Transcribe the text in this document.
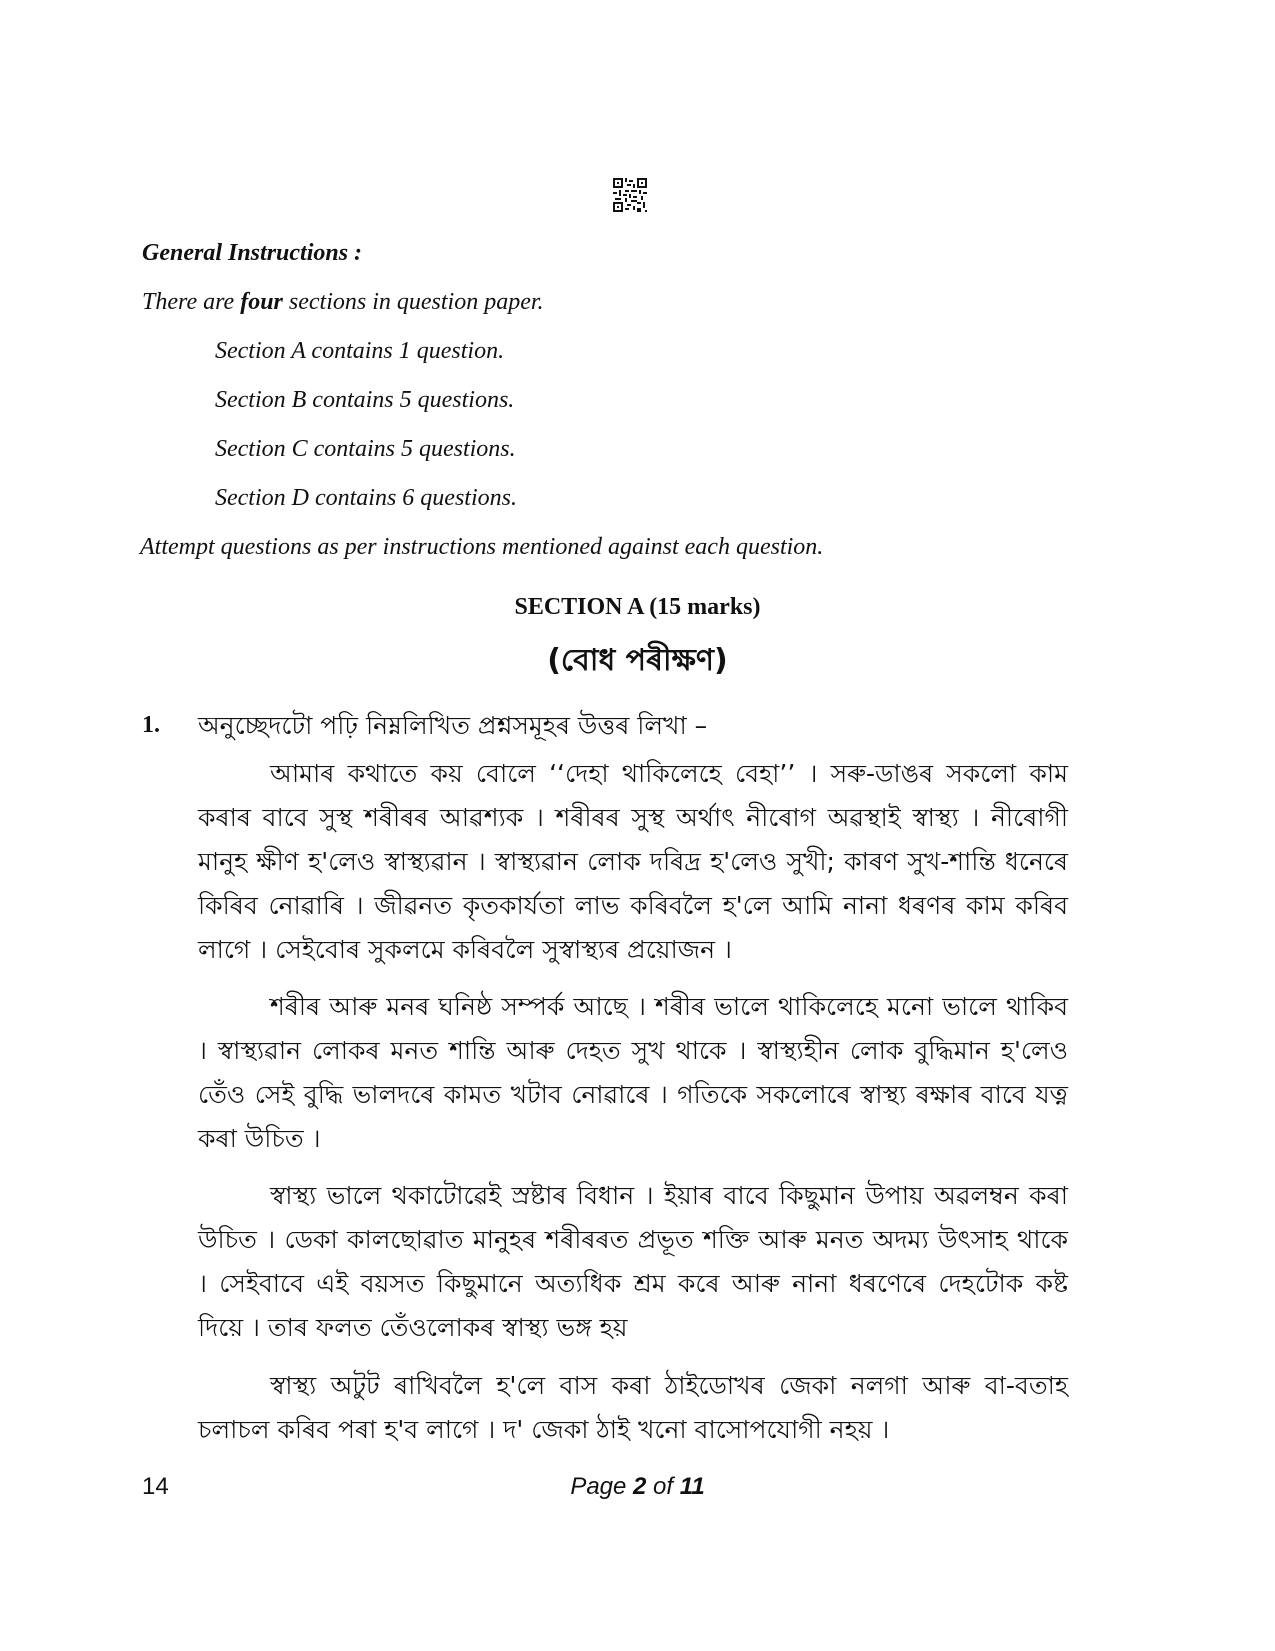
General Instructions :
There are four sections in question paper.
Section A contains 1 question.
Section B contains 5 questions.
Section C contains 5 questions.
Section D contains 6 questions.
Attempt questions as per instructions mentioned against each question.
SECTION A (15 marks)
(বোধ পৰীক্ষণ)
1. অনুচ্ছেদটো পঢ়ি নিম্নলিখিত প্ৰশ্নসমূহৰ উত্তৰ লিখা –

আমাৰ কথাতে কয় বোলে ‘‘দেহা থাকিলেহে বেহা’’ । সৰু-ডাঙৰ সকলো কাম কৰাৰ বাবে সুস্থ শৰীৰৰ আৱশ্যক । শৰীৰৰ সুস্থ অৰ্থাৎ নীৰোগ অৱস্থাই স্বাস্থ্য । নীৰোগী মানুহ ক্ষীণ হ'লেও স্বাস্থ্যৱান । স্বাস্থ্যৱান লোক দৰিদ্ৰ হ'লেও সুখী; কাৰণ সুখ-শান্তি ধনেৰে কিৰিব নোৱাৰি । জীৱনত কৃতকাৰ্যতা লাভ কৰিবলৈ হ'লে আমি নানা ধৰণৰ কাম কৰিব লাগে । সেইবোৰ সুকলমে কৰিবলৈ সুস্বাস্থ্যৰ প্ৰয়োজন ।

শৰীৰ আৰু মনৰ ঘনিষ্ঠ সম্পৰ্ক আছে । শৰীৰ ভালে থাকিলেহে মনো ভালে থাকিব । স্বাস্থ্যৱান লোকৰ মনত শান্তি আৰু দেহত সুখ থাকে । স্বাস্থ্যহীন লোক বুদ্ধিমান হ'লেও তেঁও সেই বুদ্ধি ভালদৰে কামত খটাব নোৱাৰে । গতিকে সকলোৰে স্বাস্থ্য ৰক্ষাৰ বাবে যত্ন কৰা উচিত ।

স্বাস্থ্য ভালে থকাটোৱেই স্ৰষ্টাৰ বিধান । ইয়াৰ বাবে কিছুমান উপায় অৱলম্বন কৰা উচিত । ডেকা কালছোৱাত মানুহৰ শৰীৰৰত প্ৰভূত শক্তি আৰু মনত অদম্য উৎসাহ থাকে । সেইবাবে এই বয়সত কিছুমানে অত্যধিক শ্ৰম কৰে আৰু নানা ধৰণেৰে দেহটোক কষ্ট দিয়ে । তাৰ ফলত তেঁওলোকৰ স্বাস্থ্য ভঙ্গ হয়

স্বাস্থ্য অটুট ৰাখিবলৈ হ'লে বাস কৰা ঠাইডোখৰ জেকা নলগা আৰু বা-বতাহ চলাচল কৰিব পৰা হ'ব লাগে । দ' জেকা ঠাই খনো বাসোপযোগী নহয় ।

14	Page 2 of 11
